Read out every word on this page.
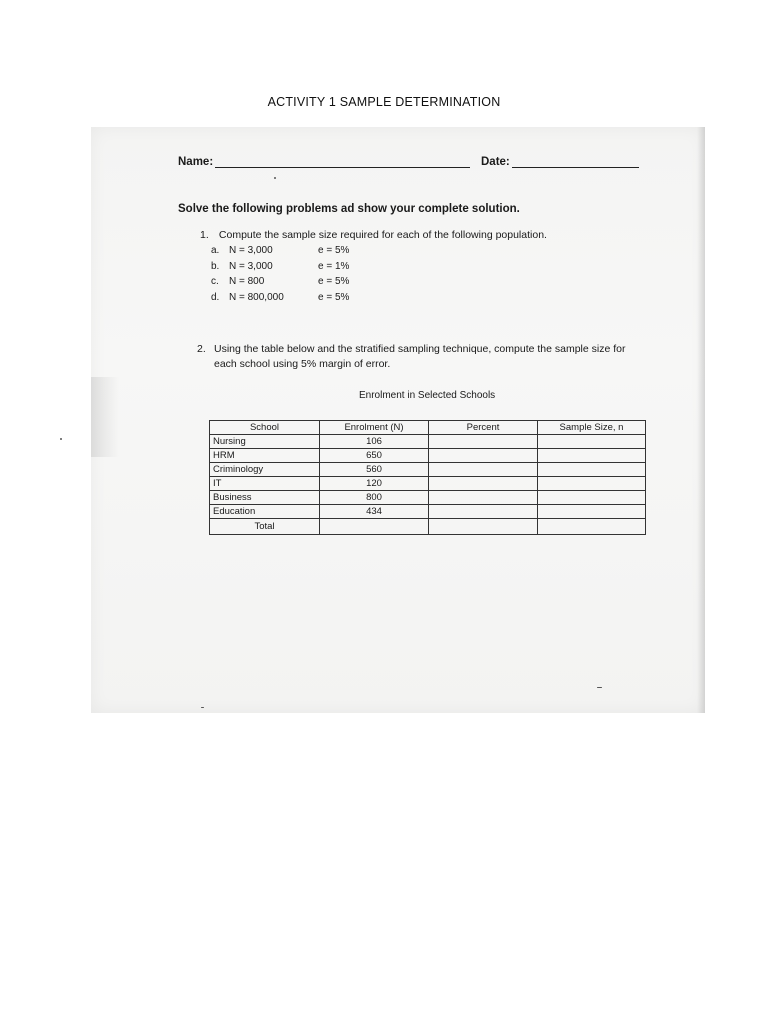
ACTIVITY 1 SAMPLE DETERMINATION
Name:	Date:
Solve the following problems ad show your complete solution.
1. Compute the sample size required for each of the following population.
a. N = 3,000	e = 5%
b. N = 3,000	e = 1%
c. N = 800	e = 5%
d. N = 800,000	e = 5%
2. Using the table below and the stratified sampling technique, compute the sample size for each school using 5% margin of error.
Enrolment in Selected Schools
School	Enrolment (N)	Percent	Sample Size, n
Nursing	106		
HRM	650		
Criminology	560		
IT	120		
Business	800		
Education	434		
Total			
